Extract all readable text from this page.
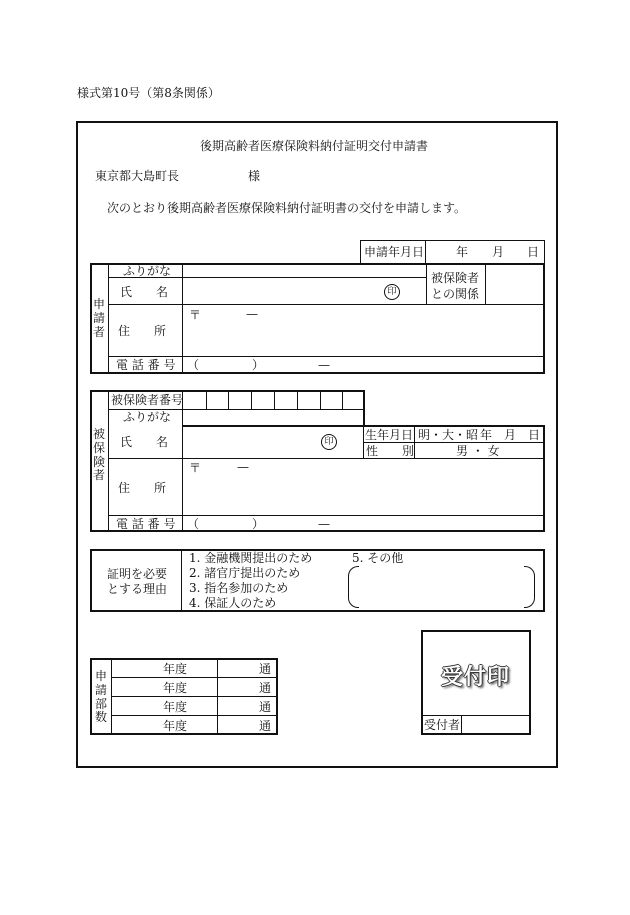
様式第10号（第8条関係）
後期高齢者医療保険料納付証明交付申請書
東京都大島町長	様
次のとおり後期高齢者医療保険料納付証明書の交付を申請します。
申請年月日	年 月 日
申請者
ふりがな
氏　　名	印
被保険者との関係
〒	—
住　　所
電 話 番 号 （	）	—
被保険者
被保険者番号
ふりがな
氏　　名	印	生年月日 明・大・昭 年 月 日
性　　別	男 ・ 女
〒	—
住　　所
電 話 番 号 （	）	—
証明を必要
とする理由
1. 金融機関提出のため
2. 諸官庁提出のため
3. 指名参加のため
4. 保証人のため
5. その他
申請部数
年度	通
年度	通
年度	通
年度	通
受付印
受付者
